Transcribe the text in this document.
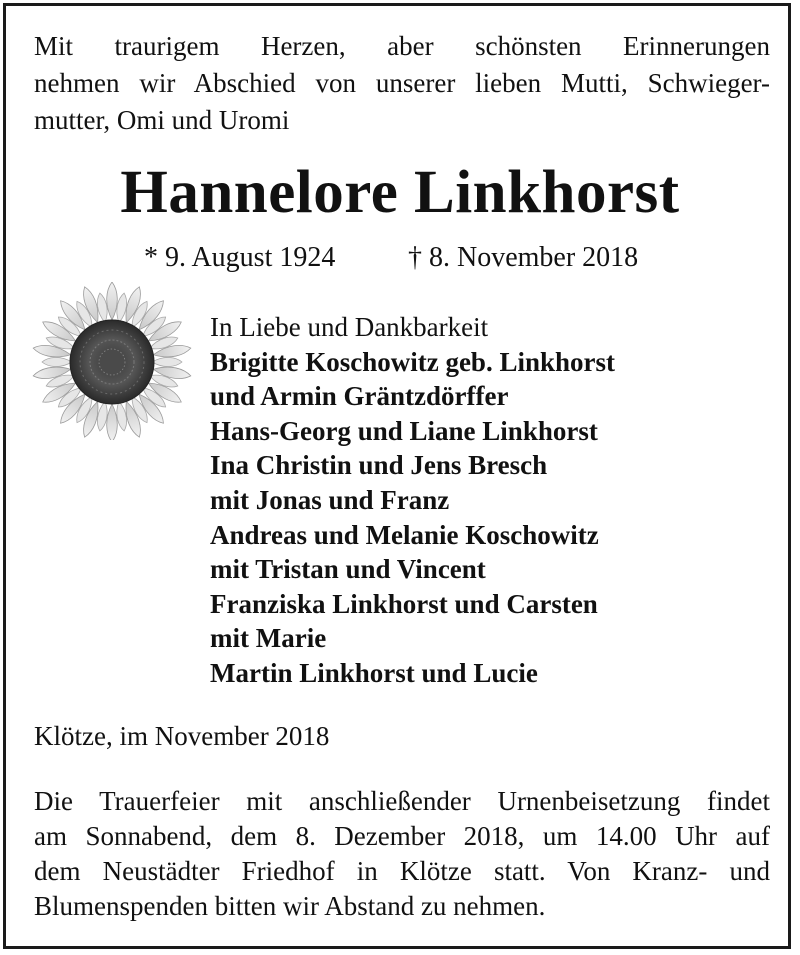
Mit traurigem Herzen, aber schönsten Erinnerungen
nehmen wir Abschied von unserer lieben Mutti, Schwieger-
mutter, Omi und Uromi
Hannelore Linkhorst
* 9. August 1924	† 8. November 2018
In Liebe und Dankbarkeit
Brigitte Koschowitz geb. Linkhorst
und Armin Gräntzdörffer
Hans-Georg und Liane Linkhorst
Ina Christin und Jens Bresch
mit Jonas und Franz
Andreas und Melanie Koschowitz
mit Tristan und Vincent
Franziska Linkhorst und Carsten
mit Marie
Martin Linkhorst und Lucie
Klötze, im November 2018
Die Trauerfeier mit anschließender Urnenbeisetzung findet
am Sonnabend, dem 8. Dezember 2018, um 14.00 Uhr auf
dem Neustädter Friedhof in Klötze statt. Von Kranz- und
Blumenspenden bitten wir Abstand zu nehmen.
